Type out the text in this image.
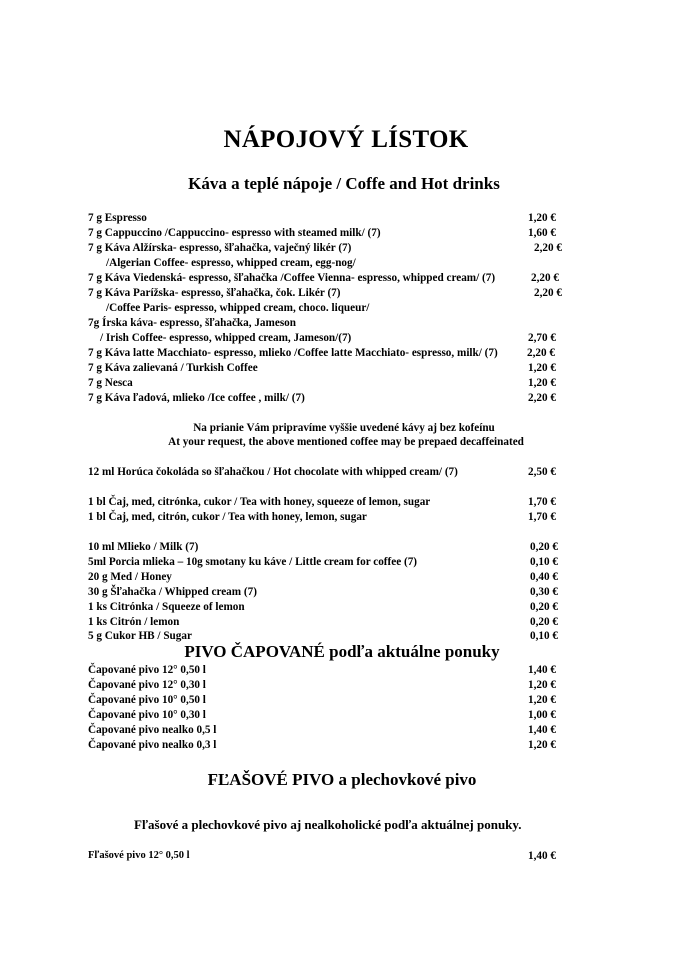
NÁPOJOVÝ LÍSTOK
Káva a teplé nápoje / Coffe and Hot drinks
7 g Espresso	1,20 €
7 g Cappuccino /Cappuccino- espresso with steamed milk/ (7)	1,60 €
7 g Káva Alžírska- espresso, šľahačka, vaječný likér (7)	2,20 €
/Algerian Coffee- espresso, whipped cream, egg-nog/
7 g Káva Viedenská- espresso, šľahačka /Coffee Vienna- espresso, whipped cream/ (7)	2,20 €
7 g Káva Parížska- espresso, šľahačka, čok. Likér (7)	2,20 €
/Coffee Paris- espresso, whipped cream, choco. liqueur/
7g Írska káva- espresso, šľahačka, Jameson
/ Irish Coffee- espresso, whipped cream, Jameson/(7)	2,70 €
7 g Káva latte Macchiato- espresso, mlieko /Coffee latte Macchiato- espresso, milk/ (7)	2,20 €
7 g Káva zalievaná / Turkish Coffee	1,20 €
7 g Nesca	1,20 €
7 g Káva ľadová, mlieko /Ice coffee , milk/ (7)	2,20 €
Na prianie Vám pripravíme vyššie uvedené kávy aj bez kofeínu
At your request, the above mentioned coffee may be prepaed decaffeinated
12 ml Horúca čokoláda so šľahačkou / Hot chocolate with whipped cream/ (7)	2,50 €
1 bl Čaj, med, citrónka, cukor / Tea with honey, squeeze of lemon, sugar	1,70 €
1 bl Čaj, med, citrón, cukor / Tea with honey, lemon, sugar	1,70 €
10 ml Mlieko / Milk (7)	0,20 €
5ml Porcia mlieka – 10g smotany ku káve / Little cream for coffee (7)	0,10 €
20 g Med / Honey	0,40 €
30 g Šľahačka / Whipped cream (7)	0,30 €
1 ks Citrónka / Squeeze of lemon	0,20 €
1 ks Citrón / lemon	0,20 €
5 g Cukor HB / Sugar	0,10 €
PIVO ČAPOVANÉ podľa aktuálne ponuky
Čapované pivo 12° 0,50 l	1,40 €
Čapované pivo 12° 0,30 l	1,20 €
Čapované pivo 10° 0,50 l	1,20 €
Čapované pivo 10° 0,30 l	1,00 €
Čapované pivo nealko 0,5 l	1,40 €
Čapované pivo nealko 0,3 l	1,20 €
FĽAŠOVÉ PIVO a plechovkové pivo
Fľašové a plechovkové pivo aj nealkoholické podľa aktuálnej ponuky.
Fľašové pivo 12° 0,50 l	1,40 €
